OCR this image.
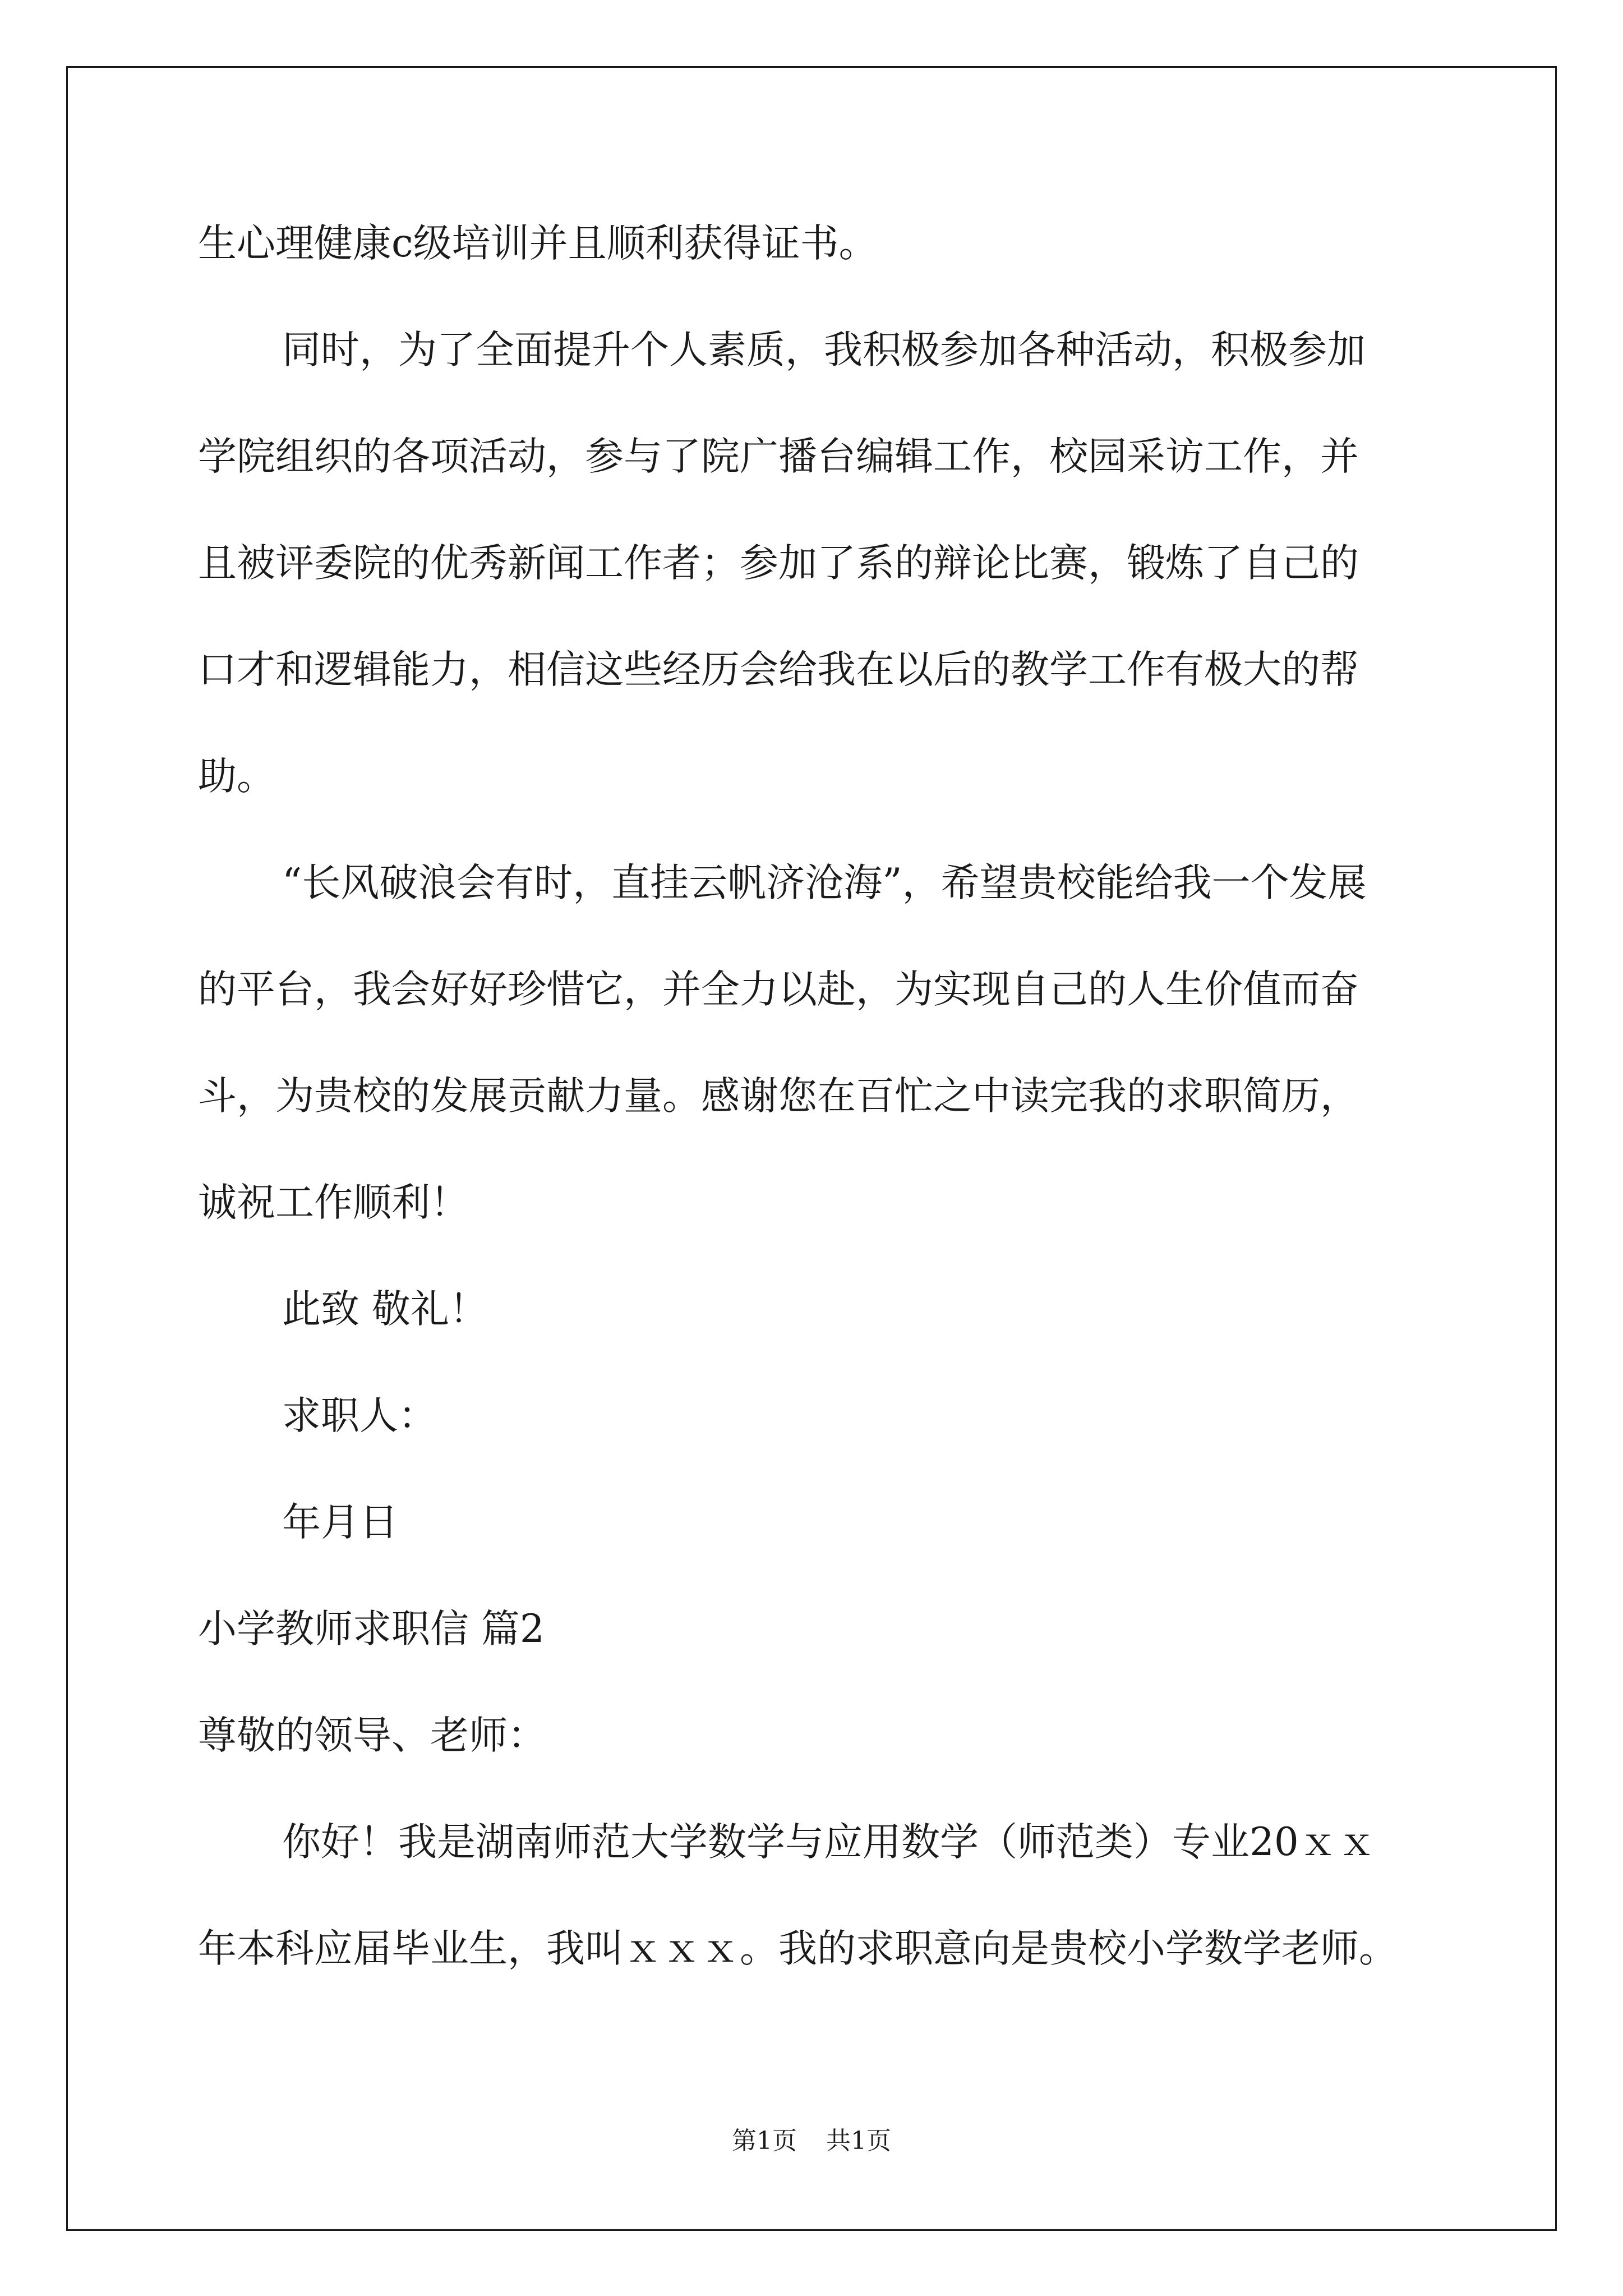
生心理健康c级培训并且顺利获得证书。
同时，为了全面提升个人素质，我积极参加各种活动，积极参加
学院组织的各项活动，参与了院广播台编辑工作，校园采访工作，并
且被评委院的优秀新闻工作者；参加了系的辩论比赛，锻炼了自己的
口才和逻辑能力，相信这些经历会给我在以后的教学工作有极大的帮
助。
“长风破浪会有时，直挂云帆济沧海”，希望贵校能给我一个发展
的平台，我会好好珍惜它，并全力以赴，为实现自己的人生价值而奋
斗，为贵校的发展贡献力量。感谢您在百忙之中读完我的求职简历，
诚祝工作顺利！
此致 敬礼！
求职人：
年月日
小学教师求职信 篇2
尊敬的领导、老师：
你好！我是湖南师范大学数学与应用数学（师范类）专业20ｘｘ
年本科应届毕业生，我叫ｘｘｘ。我的求职意向是贵校小学数学老师。
第1页 共1页
